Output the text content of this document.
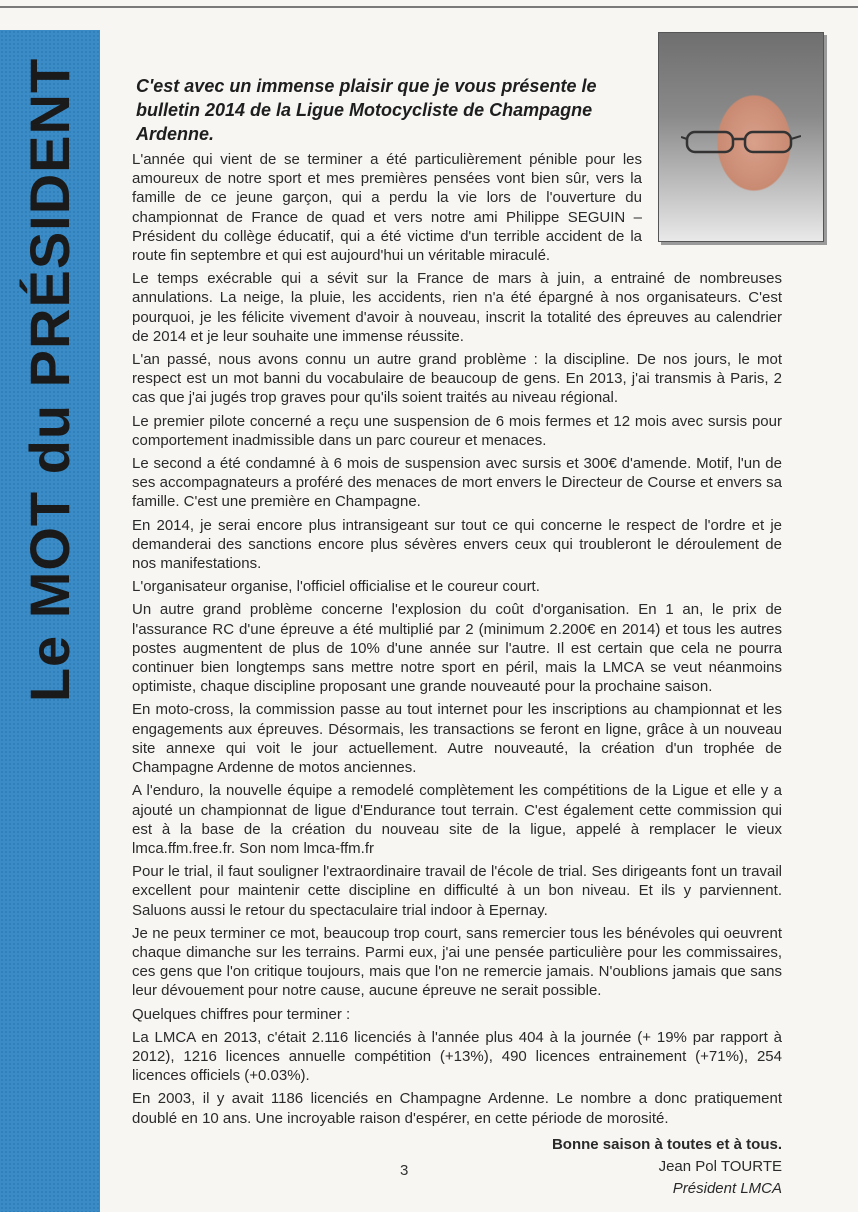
Le MOT du PRÉSIDENT	C'est avec un immense plaisir que je vous présente le bulletin 2014 de la Ligue Motocycliste de Champagne Ardenne.

L'année qui vient de se terminer a été particulièrement pénible pour les amoureux de notre sport et mes premières pensées vont bien sûr, vers la famille de ce jeune garçon, qui a perdu la vie lors de l'ouverture du championnat de France de quad et vers notre ami Philippe SEGUIN – Président du collège éducatif, qui a été victime d'un terrible accident de la route fin septembre et qui est aujourd'hui un véritable miraculé.

Le temps exécrable qui a sévit sur la France de mars à juin, a entrainé de nombreuses annulations. La neige, la pluie, les accidents, rien n'a été épargné à nos organisateurs. C'est pourquoi, je les félicite vivement d'avoir à nouveau, inscrit la totalité des épreuves au calendrier de 2014 et je leur souhaite une immense réussite.

L'an passé, nous avons connu un autre grand problème : la discipline. De nos jours, le mot respect est un mot banni du vocabulaire de beaucoup de gens. En 2013, j'ai transmis à Paris, 2 cas que j'ai jugés trop graves pour qu'ils soient traités au niveau régional.

Le premier pilote concerné a reçu une suspension de 6 mois fermes et 12 mois avec sursis pour comportement inadmissible dans un parc coureur et menaces.

Le second a été condamné à 6 mois de suspension avec sursis et 300€ d'amende. Motif, l'un de ses accompagnateurs a proféré des menaces de mort envers le Directeur de Course et envers sa famille. C'est une première en Champagne.

En 2014, je serai encore plus intransigeant sur tout ce qui concerne le respect de l'ordre et je demanderai des sanctions encore plus sévères envers ceux qui troubleront le déroulement de nos manifestations.

L'organisateur organise, l'officiel officialise et le coureur court.

Un autre grand problème concerne l'explosion du coût d'organisation. En 1 an, le prix de l'assurance RC d'une épreuve a été multiplié par 2 (minimum 2.200€ en 2014) et tous les autres postes augmentent de plus de 10% d'une année sur l'autre. Il est certain que cela ne pourra continuer bien longtemps sans mettre notre sport en péril, mais la LMCA se veut néanmoins optimiste, chaque discipline proposant une grande nouveauté pour la prochaine saison.

En moto-cross, la commission passe au tout internet pour les inscriptions au championnat et les engagements aux épreuves. Désormais, les transactions se feront en ligne, grâce à un nouveau site annexe qui voit le jour actuellement. Autre nouveauté, la création d'un trophée de Champagne Ardenne de motos anciennes.

A l'enduro, la nouvelle équipe a remodelé complètement les compétitions de la Ligue et elle y a ajouté un championnat de ligue d'Endurance tout terrain. C'est également cette commission qui est à la base de la création du nouveau site de la ligue, appelé à remplacer le vieux lmca.ffm.free.fr. Son nom lmca-ffm.fr

Pour le trial, il faut souligner l'extraordinaire travail de l'école de trial. Ses dirigeants font un travail excellent pour maintenir cette discipline en difficulté à un bon niveau. Et ils y parviennent. Saluons aussi le retour du spectaculaire trial indoor à Epernay.

Je ne peux terminer ce mot, beaucoup trop court, sans remercier tous les bénévoles qui oeuvrent chaque dimanche sur les terrains. Parmi eux, j'ai une pensée particulière pour les commissaires, ces gens que l'on critique toujours, mais que l'on ne remercie jamais. N'oublions jamais que sans leur dévouement pour notre cause, aucune épreuve ne serait possible.

Quelques chiffres pour terminer :

La LMCA en 2013, c'était 2.116 licenciés à l'année plus 404 à la journée (+ 19% par rapport à 2012), 1216 licences annuelle compétition (+13%), 490 licences entrainement (+71%), 254 licences officiels (+0.03%).

En 2003, il y avait 1186 licenciés en Champagne Ardenne. Le nombre a donc pratiquement doublé en 10 ans. Une incroyable raison d'espérer, en cette période de morosité.

Bonne saison à toutes et à tous.
Jean Pol TOURTE
Président LMCA
3
